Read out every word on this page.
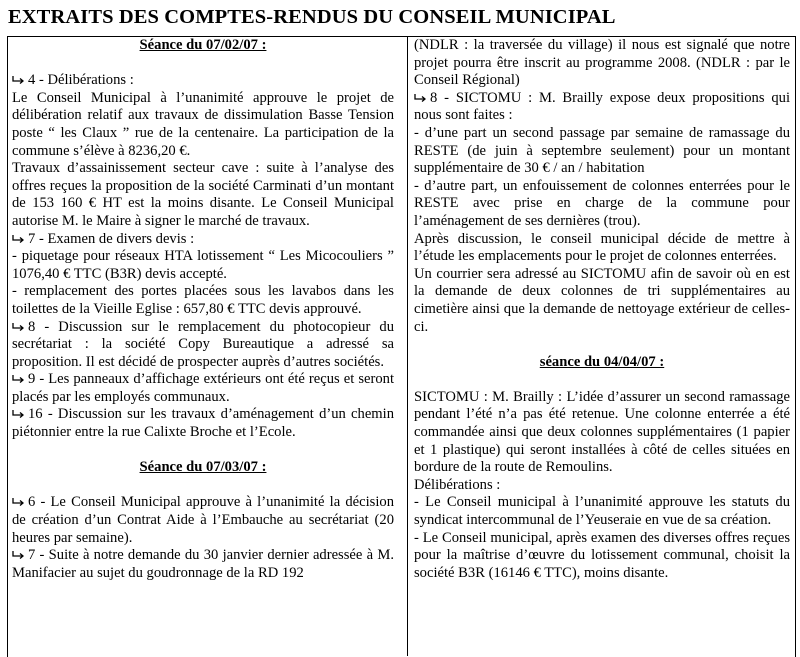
EXTRAITS DES COMPTES-RENDUS DU CONSEIL MUNICIPAL

Séance du 07/02/07 :

4 - Délibérations :

Le Conseil Municipal à l’unanimité approuve le projet de délibération relatif aux travaux de dissimulation Basse Tension poste “ les Claux ” rue de la centenaire. La participation de la commune s’élève à 8236,20 €.

Travaux d’assainissement secteur cave : suite à l’analyse des offres reçues la proposition de la société Carminati d’un montant de 153 160 € HT est la moins disante. Le Conseil Municipal autorise M. le Maire à signer le marché de travaux.

7 - Examen de divers devis :

- piquetage pour réseaux HTA lotissement “ Les Micocouliers ” 1076,40 € TTC (B3R) devis accepté.

- remplacement des portes placées sous les lavabos dans les toilettes de la Vieille Eglise : 657,80 € TTC devis approuvé.

8 - Discussion sur le remplacement du photocopieur du secrétariat : la société Copy Bureautique a adressé sa proposition. Il est décidé de prospecter auprès d’autres sociétés.

9 - Les panneaux d’affichage extérieurs ont été reçus et seront placés par les employés communaux.

16 - Discussion sur les travaux d’aménagement d’un chemin piétonnier entre la rue Calixte Broche et l’Ecole.

Séance du 07/03/07 :

6 - Le Conseil Municipal approuve à l’unanimité la décision de création d’un Contrat Aide à l’Embauche au secrétariat (20 heures par semaine).

7 - Suite à notre demande du 30 janvier dernier adressée à M. Manifacier au sujet du goudronnage de la RD 192

(NDLR : la traversée du village) il nous est signalé que notre projet pourra être inscrit au programme 2008. (NDLR : par le Conseil Régional)

8 - SICTOMU : M. Brailly expose deux propositions qui nous sont faites :

- d’une part un second passage par semaine de ramassage du RESTE (de juin à septembre seulement) pour un montant supplémentaire de 30 € / an / habitation

- d’autre part, un enfouissement de colonnes enterrées pour le RESTE avec prise en charge de la commune pour l’aménagement de ses dernières (trou).

Après discussion, le conseil municipal décide de mettre à l’étude les emplacements pour le projet de colonnes enterrées.

Un courrier sera adressé au SICTOMU afin de savoir où en est la demande de deux colonnes de tri supplémentaires au cimetière ainsi que la demande de nettoyage extérieur de celles-ci.

séance du 04/04/07 :

SICTOMU : M. Brailly : L’idée d’assurer un second ramassage pendant l’été n’a pas été retenue. Une colonne enterrée a été commandée ainsi que deux colonnes supplémentaires (1 papier et 1 plastique) qui seront installées à côté de celles situées en bordure de la route de Remoulins.

Délibérations :

- Le Conseil municipal à l’unanimité approuve les statuts du syndicat intercommunal de l’Yeuseraie en vue de sa création.

- Le Conseil municipal, après examen des diverses offres reçues pour la maîtrise d’œuvre du lotissement communal, choisit la société B3R (16146 € TTC), moins disante.
